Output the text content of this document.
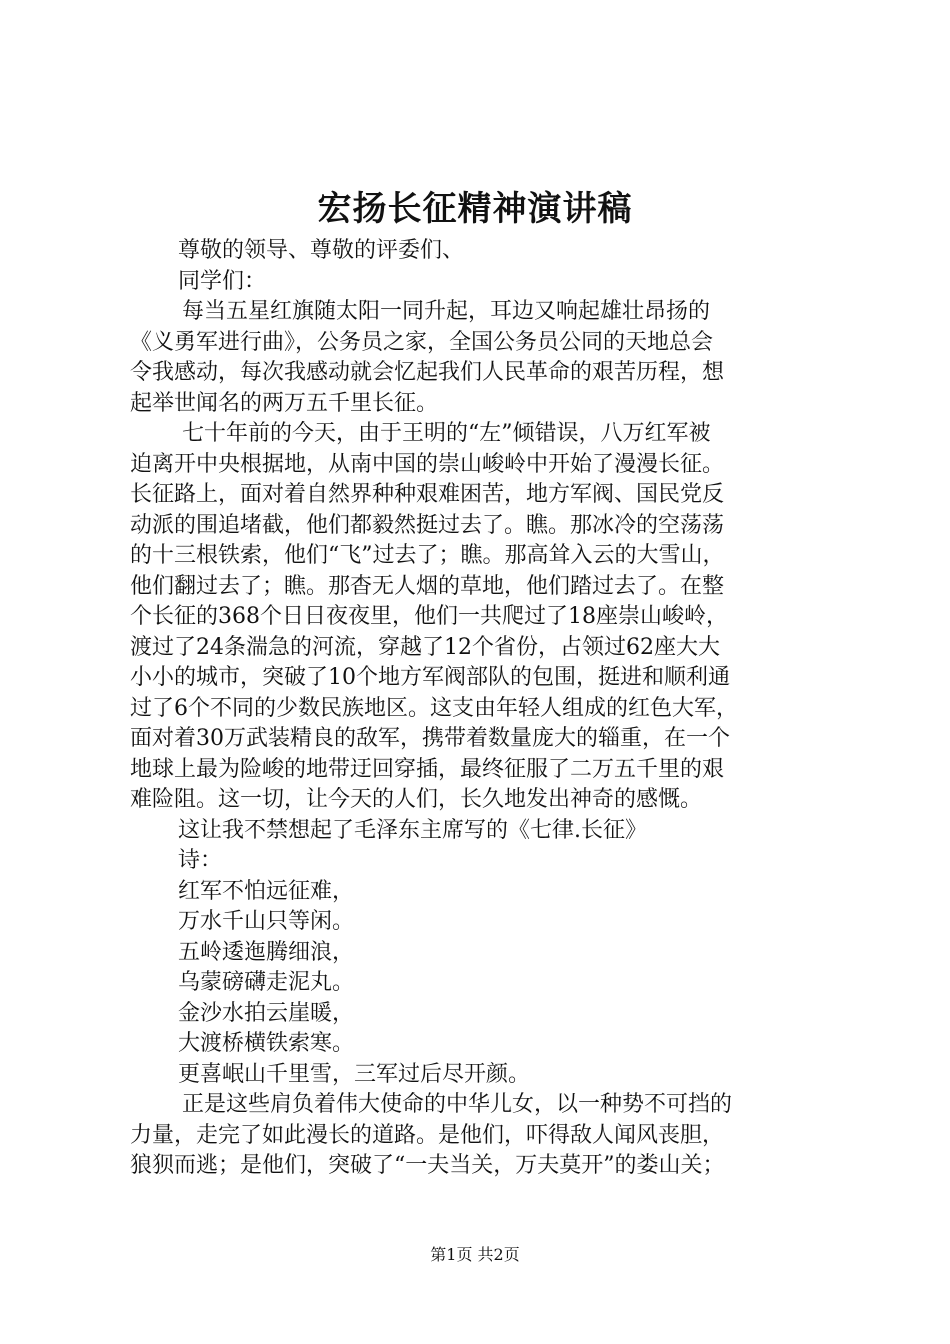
宏扬长征精神演讲稿
尊敬的领导、尊敬的评委们、
同学们：
每当五星红旗随太阳一同升起，耳边又响起雄壮昂扬的
《义勇军进行曲》，公务员之家，全国公务员公同的天地总会
令我感动，每次我感动就会忆起我们人民革命的艰苦历程，想
起举世闻名的两万五千里长征。
七十年前的今天，由于王明的“左”倾错误，八万红军被
迫离开中央根据地，从南中国的崇山峻岭中开始了漫漫长征。
长征路上，面对着自然界种种艰难困苦，地方军阀、国民党反
动派的围追堵截，他们都毅然挺过去了。瞧。那冰冷的空荡荡
的十三根铁索，他们“飞”过去了；瞧。那高耸入云的大雪山，
他们翻过去了；瞧。那杳无人烟的草地，他们踏过去了。在整
个长征的368个日日夜夜里，他们一共爬过了18座崇山峻岭，
渡过了24条湍急的河流，穿越了12个省份，占领过62座大大
小小的城市，突破了10个地方军阀部队的包围，挺进和顺利通
过了6个不同的少数民族地区。这支由年轻人组成的红色大军，
面对着30万武装精良的敌军，携带着数量庞大的辎重，在一个
地球上最为险峻的地带迂回穿插，最终征服了二万五千里的艰
难险阻。这一切，让今天的人们，长久地发出神奇的感慨。
这让我不禁想起了毛泽东主席写的《七律.长征》
诗：
红军不怕远征难，
万水千山只等闲。
五岭逶迤腾细浪，
乌蒙磅礴走泥丸。
金沙水拍云崖暖，
大渡桥横铁索寒。
更喜岷山千里雪，三军过后尽开颜。
正是这些肩负着伟大使命的中华儿女，以一种势不可挡的
力量，走完了如此漫长的道路。是他们，吓得敌人闻风丧胆，
狼狈而逃；是他们，突破了“一夫当关，万夫莫开”的娄山关；
第1页 共2页
